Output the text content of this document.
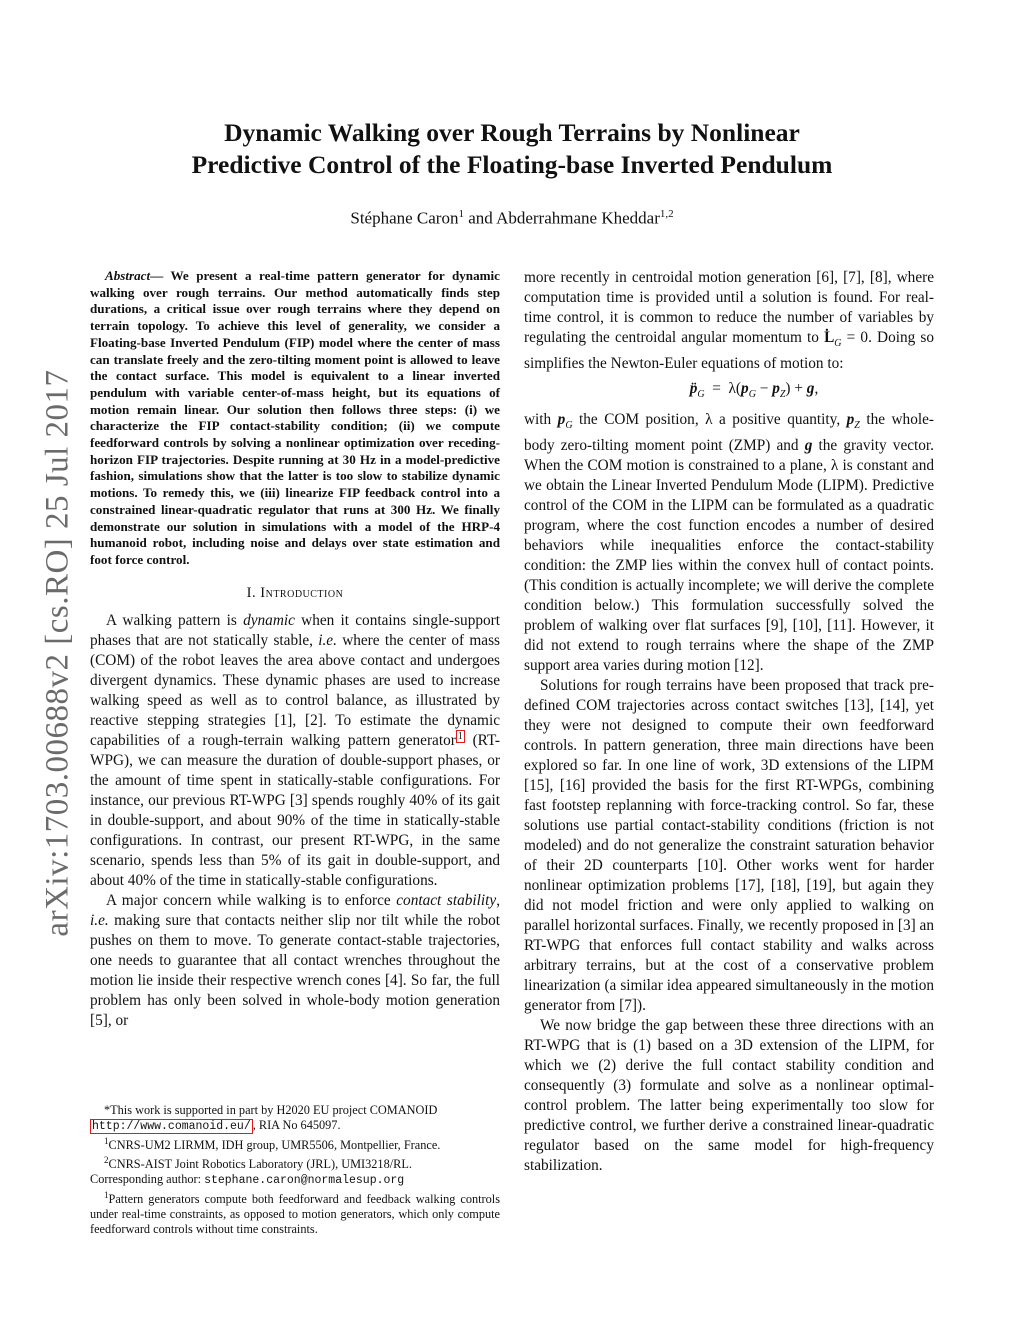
arXiv:1703.00688v2 [cs.RO] 25 Jul 2017
Dynamic Walking over Rough Terrains by Nonlinear
Predictive Control of the Floating-base Inverted Pendulum
Stéphane Caron$^1$ and Abderrahmane Kheddar$^{1,2}$

Abstract— We present a real-time pattern generator for dynamic walking over rough terrains. Our method automatically finds step durations, a critical issue over rough terrains where they depend on terrain topology. To achieve this level of generality, we consider a Floating-base Inverted Pendulum (FIP) model where the center of mass can translate freely and the zero-tilting moment point is allowed to leave the contact surface. This model is equivalent to a linear inverted pendulum with variable center-of-mass height, but its equations of motion remain linear. Our solution then follows three steps: (i) we characterize the FIP contact-stability condition; (ii) we compute feedforward controls by solving a nonlinear optimization over receding-horizon FIP trajectories. Despite running at 30 Hz in a model-predictive fashion, simulations show that the latter is too slow to stabilize dynamic motions. To remedy this, we (iii) linearize FIP feedback control into a constrained linear-quadratic regulator that runs at 300 Hz. We finally demonstrate our solution in simulations with a model of the HRP-4 humanoid robot, including noise and delays over state estimation and foot force control.

I. Introduction

A walking pattern is dynamic when it contains single-support phases that are not statically stable, i.e. where the center of mass (COM) of the robot leaves the area above contact and undergoes divergent dynamics. These dynamic phases are used to increase walking speed as well as to control balance, as illustrated by reactive stepping strategies [1], [2]. To estimate the dynamic capabilities of a rough-terrain walking pattern generator $^1$ (RT-WPG), we can measure the duration of double-support phases, or the amount of time spent in statically-stable configurations. For instance, our previous RT-WPG [3] spends roughly 40% of its gait in double-support, and about 90% of the time in statically-stable configurations. In contrast, our present RT-WPG, in the same scenario, spends less than 5% of its gait in double-support, and about 40% of the time in statically-stable configurations.

A major concern while walking is to enforce contact stability, i.e. making sure that contacts neither slip nor tilt while the robot pushes on them to move. To generate contact-stable trajectories, one needs to guarantee that all contact wrenches throughout the motion lie inside their respective wrench cones [4]. So far, the full problem has only been solved in whole-body motion generation [5], or

*This work is supported in part by H2020 EU project COMANOID
http://www.comanoid.eu/ , RIA No 645097.

$^1$CNRS-UM2 LIRMM, IDH group, UMR5506, Montpellier, France.

$^2$CNRS-AIST Joint Robotics Laboratory (JRL), UMI3218/RL.

Corresponding author: stephane.caron@normalesup.org

$^1$Pattern generators compute both feedforward and feedback walking controls under real-time constraints, as opposed to motion generators, which only compute feedforward controls without time constraints.

more recently in centroidal motion generation [6], [7], [8], where computation time is provided until a solution is found. For real-time control, it is common to reduce the number of variables by regulating the centroidal angular momentum to $L̇_G = 0$. Doing so simplifies the Newton-Euler equations of motion to:

$p̈_G = \lambda(p_G - p_Z) + g$,

with $p_G$ the COM position, λ a positive quantity, $p_Z$ the whole-body zero-tilting moment point (ZMP) and g the gravity vector. When the COM motion is constrained to a plane, λ is constant and we obtain the Linear Inverted Pendulum Mode (LIPM). Predictive control of the COM in the LIPM can be formulated as a quadratic program, where the cost function encodes a number of desired behaviors while inequalities enforce the contact-stability condition: the ZMP lies within the convex hull of contact points. (This condition is actually incomplete; we will derive the complete condition below.) This formulation successfully solved the problem of walking over flat surfaces [9], [10], [11]. However, it did not extend to rough terrains where the shape of the ZMP support area varies during motion [12].

Solutions for rough terrains have been proposed that track pre-defined COM trajectories across contact switches [13], [14], yet they were not designed to compute their own feedforward controls. In pattern generation, three main directions have been explored so far. In one line of work, 3D extensions of the LIPM [15], [16] provided the basis for the first RT-WPGs, combining fast footstep replanning with force-tracking control. So far, these solutions use partial contact-stability conditions (friction is not modeled) and do not generalize the constraint saturation behavior of their 2D counterparts [10]. Other works went for harder nonlinear optimization problems [17], [18], [19], but again they did not model friction and were only applied to walking on parallel horizontal surfaces. Finally, we recently proposed in [3] an RT-WPG that enforces full contact stability and walks across arbitrary terrains, but at the cost of a conservative problem linearization (a similar idea appeared simultaneously in the motion generator from [7]).

We now bridge the gap between these three directions with an RT-WPG that is (1) based on a 3D extension of the LIPM, for which we (2) derive the full contact stability condition and consequently (3) formulate and solve as a nonlinear optimal-control problem. The latter being experimentally too slow for predictive control, we further derive a constrained linear-quadratic regulator based on the same model for high-frequency stabilization.
